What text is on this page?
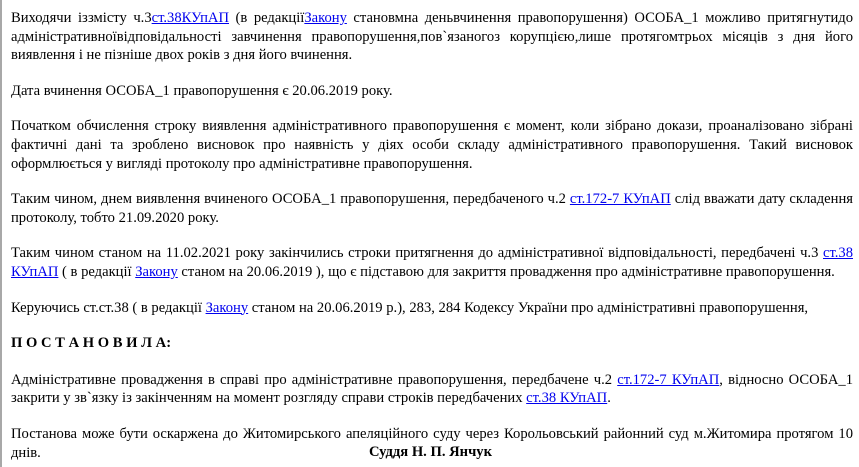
Виходячи іззмісту ч.3ст.38КУпАП (в редакціїЗакону становмна деньвчинення правопорушення) ОСОБА_1 можливо притягнутидо адміністративноївідповідальності завчинення правопорушення,пов`язаногоз корупцією,лише протягомтрьох місяців з дня його виявлення і не пізніше двох років з дня його вчинення.

Дата вчинення ОСОБА_1 правопорушення є 20.06.2019 року.

Початком обчислення строку виявлення адміністративного правопорушення є момент, коли зібрано докази, проаналізовано зібрані фактичні дані та зроблено висновок про наявність у діях особи складу адміністративного правопорушення. Такий висновок оформлюється у вигляді протоколу про адміністративне правопорушення.

Таким чином, днем виявлення вчиненого ОСОБА_1 правопорушення, передбаченого ч.2 ст.172-7 КУпАП слід вважати дату складення протоколу, тобто 21.09.2020 року.

Таким чином станом на 11.02.2021 року закінчились строки притягнення до адміністративної відповідальності, передбачені ч.3 ст.38 КУпАП ( в редакції Закону станом на 20.06.2019 ), що є підставою для закриття провадження про адміністративне правопорушення.

Керуючись ст.ст.38 ( в редакції Закону станом на 20.06.2019 р.), 283, 284 Кодексу України про адміністративні правопорушення,

П О С Т А Н О В И Л А:

Адміністративне провадження в справі про адміністративне правопорушення, передбачене ч.2 ст.172-7 КУпАП, відносно ОСОБА_1 закрити у зв`язку із закінченням на момент розгляду справи строків передбачених ст.38 КУпАП.

Постанова може бути оскаржена до Житомирського апеляційного суду через Корольовський районний суд м.Житомира протягом 10 днів.	Суддя Н. П. Янчук
